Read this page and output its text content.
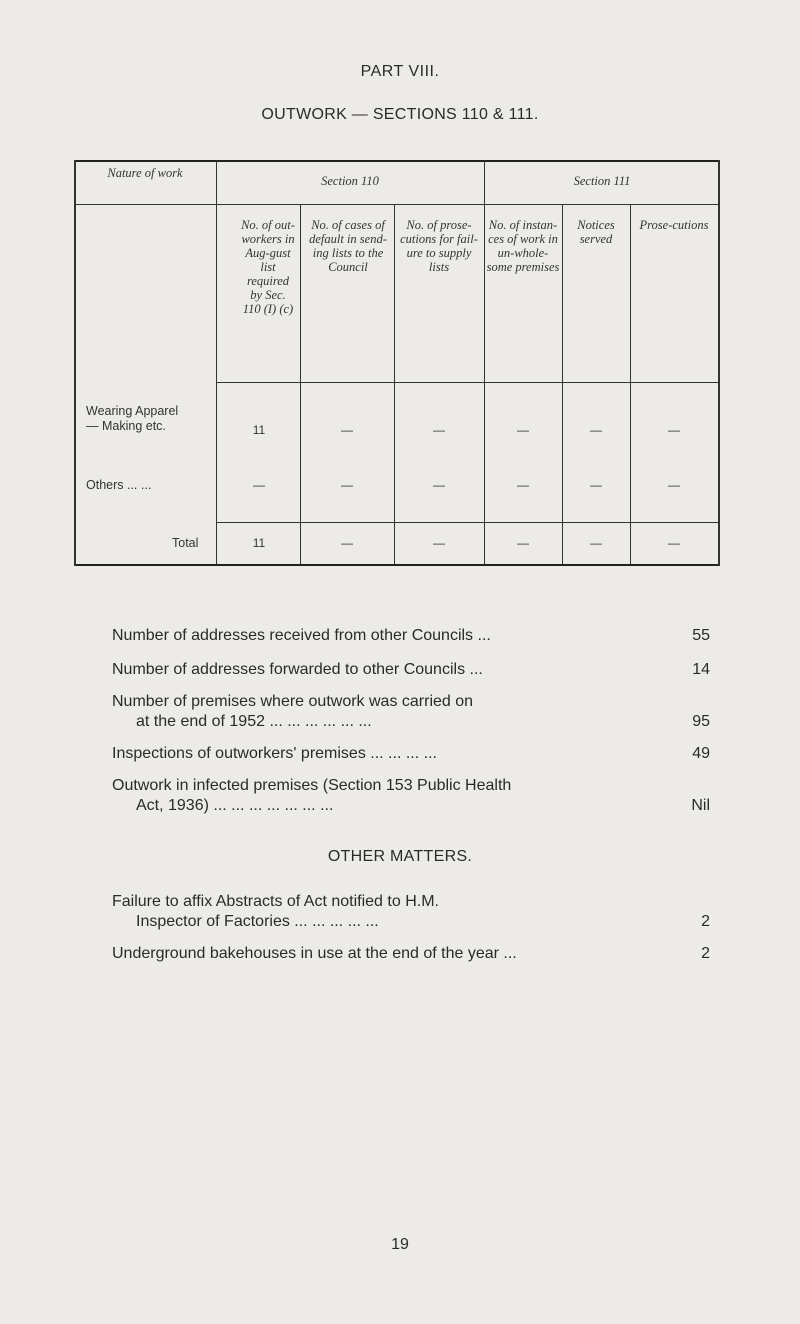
PART VIII.
OUTWORK — SECTIONS 110 & 111.
Nature of work
Section 110	Section 111
No. of out-workers in Aug-gust list required by Sec. 110 (I) (c)
No. of cases of default in send-ing lists to the Council
No. of prose-cutions for fail-ure to supply lists
No. of instan-ces of work in un-whole-some premises
Notices served
Prose-cutions
Wearing Apparel
— Making etc.	11	—	—	—	—	—
Others ... ...	—	—	—	—	—	—
Total	11	—	—	—	—	—
Number of addresses received from other Councils ...	55
Number of addresses forwarded to other Councils ...	14
Number of premises where outwork was carried on
at the end of 1952 ... ... ... ... ... ...	95
Inspections of outworkers' premises ... ... ... ...	49
Outwork in infected premises (Section 153 Public Health
Act, 1936) ... ... ... ... ... ... ...	Nil
OTHER MATTERS.
Failure to affix Abstracts of Act notified to H.M.
Inspector of Factories ... ... ... ... ...	2
Underground bakehouses in use at the end of the year ...	2
19
